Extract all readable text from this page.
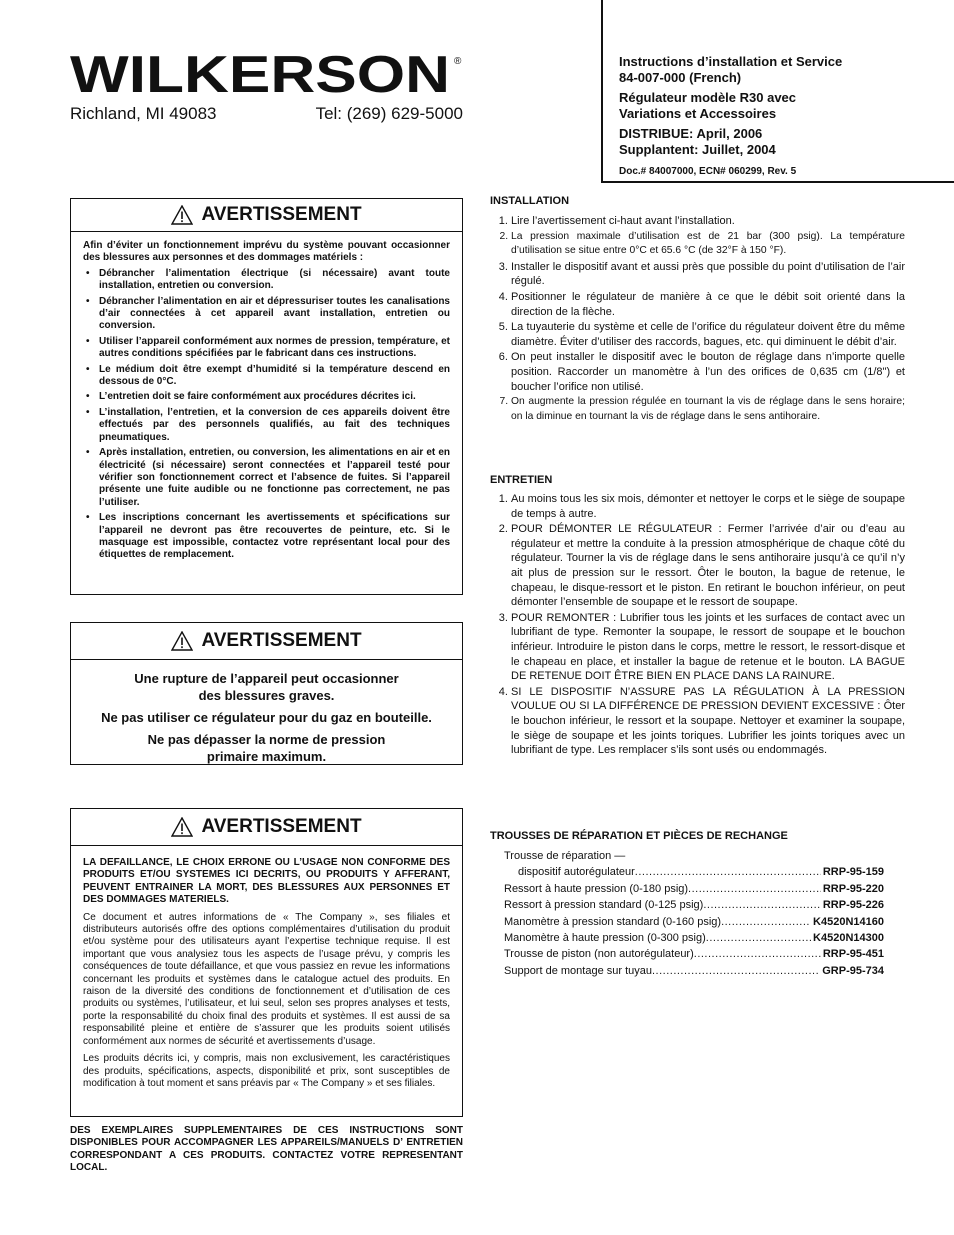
WILKERSON ®
Richland, MI 49083	Tel: (269) 629-5000

Instructions d’installation et Service

84-007-000 (French)

Régulateur modèle R30 avec

Variations et Accessoires

DISTRIBUE: April, 2006

Supplantent: Juillet, 2004

Doc.# 84007000, ECN# 060299, Rev. 5

AVERTISSEMENT

Afin d’éviter un fonctionnement imprévu du système pouvant occasionner des blessures aux personnes et des dommages matériels :

• Débrancher l’alimentation électrique (si nécessaire) avant toute installation, entretien ou conversion.
• Débrancher l’alimentation en air et dépressuriser toutes les canalisations d’air connectées à cet appareil avant installation, entretien ou conversion.
• Utiliser l’appareil conformément aux normes de pression, température, et autres conditions spécifiées par le fabricant dans ces instructions.
• Le médium doit être exempt d’humidité si la température descend en dessous de 0°C.
• L’entretien doit se faire conformément aux procédures décrites ici.
• L’installation, l’entretien, et la conversion de ces appareils doivent être effectués par des personnels qualifiés, au fait des techniques pneumatiques.
• Après installation, entretien, ou conversion, les alimentations en air et en électricité (si nécessaire) seront connectées et l’appareil testé pour vérifier son fonctionnement correct et l’absence de fuites. Si l’appareil présente une fuite audible ou ne fonctionne pas correctement, ne pas l’utiliser.
• Les inscriptions concernant les avertissements et spécifications sur l’appareil ne devront pas être recouvertes de peinture, etc. Si le masquage est impossible, contactez votre représentant local pour des étiquettes de remplacement.
AVERTISSEMENT

Une rupture de l’appareil peut occasionner
des blessures graves.

Ne pas utiliser ce régulateur pour du gaz en bouteille.

Ne pas dépasser la norme de pression
primaire maximum.

AVERTISSEMENT

LA DEFAILLANCE, LE CHOIX ERRONE OU L’USAGE NON CONFORME DES PRODUITS ET/OU SYSTEMES ICI DECRITS, OU PRODUITS Y AFFERANT, PEUVENT ENTRAINER LA MORT, DES BLESSURES AUX PERSONNES ET DES DOMMAGES MATERIELS.

Ce document et autres informations de « The Company », ses filiales et distributeurs autorisés offre des options complémentaires d’utilisation du produit et/ou système pour des utilisateurs ayant l’expertise technique requise. Il est important que vous analysiez tous les aspects de l’usage prévu, y compris les conséquences de toute défaillance, et que vous passiez en revue les informations concernant les produits et systèmes dans le catalogue actuel des produits. En raison de la diversité des conditions de fonctionnement et d’utilisation de ces produits ou systèmes, l’utilisateur, et lui seul, selon ses propres analyses et tests, porte la responsabilité du choix final des produits et systèmes. Il est aussi de sa responsabilité pleine et entière de s’assurer que les produits soient utilisés conformément aux normes de sécurité et avertissements d’usage.

Les produits décrits ici, y compris, mais non exclusivement, les caractéristiques des produits, spécifications, aspects, disponibilité et prix, sont susceptibles de modification à tout moment et sans préavis par « The Company » et ses filiales.

DES EXEMPLAIRES SUPPLEMENTAIRES DE CES INSTRUCTIONS SONT DISPONIBLES POUR ACCOMPAGNER LES APPAREILS/MANUELS D’ ENTRETIEN CORRESPONDANT A CES PRODUITS. CONTACTEZ VOTRE REPRESENTANT LOCAL.
INSTALLATION
1. Lire l’avertissement ci-haut avant l’installation.
2. La pression maximale d’utilisation est de 21 bar (300 psig). La température d’utilisation se situe entre 0°C et 65.6 °C (de 32°F à 150 °F).
3. Installer le dispositif avant et aussi près que possible du point d’utilisation de l’air régulé.
4. Positionner le régulateur de manière à ce que le débit soit orienté dans la direction de la flèche.
5. La tuyauterie du système et celle de l’orifice du régulateur doivent être du même diamètre. Éviter d’utiliser des raccords, bagues, etc. qui diminuent le débit d’air.
6. On peut installer le dispositif avec le bouton de réglage dans n’importe quelle position. Raccorder un manomètre à l’un des orifices de 0,635 cm (1/8") et boucher l’orifice non utilisé.
7. On augmente la pression régulée en tournant la vis de réglage dans le sens horaire; on la diminue en tournant la vis de réglage dans le sens antihoraire.
ENTRETIEN
1. Au moins tous les six mois, démonter et nettoyer le corps et le siège de soupape de temps à autre.
2. POUR DÉMONTER LE RÉGULATEUR : Fermer l’arrivée d’air ou d’eau au régulateur et mettre la conduite à la pression atmosphérique de chaque côté du régulateur. Tourner la vis de réglage dans le sens antihoraire jusqu’à ce qu’il n’y ait plus de pression sur le ressort. Ôter le bouton, la bague de retenue, le chapeau, le disque-ressort et le piston. En retirant le bouchon inférieur, on peut démonter l’ensemble de soupape et le ressort de soupape.
3. POUR REMONTER : Lubrifier tous les joints et les surfaces de contact avec un lubrifiant de type. Remonter la soupape, le ressort de soupape et le bouchon inférieur. Introduire le piston dans le corps, mettre le ressort, le ressort-disque et le chapeau en place, et installer la bague de retenue et le bouton. LA BAGUE DE RETENUE DOIT ÊTRE BIEN EN PLACE DANS LA RAINURE.
4. SI LE DISPOSITIF N’ASSURE PAS LA RÉGULATION À LA PRESSION VOULUE OU SI LA DIFFÉRENCE DE PRESSION DEVIENT EXCESSIVE : Ôter le bouchon inférieur, le ressort et la soupape. Nettoyer et examiner la soupape, le siège de soupape et les joints toriques. Lubrifier les joints toriques avec un lubrifiant de type. Les remplacer s’ils sont usés ou endommagés.
TROUSSES DE RÉPARATION ET PIÈCES DE RECHANGE
Trousse de réparation —
dispositif autorégulateur .....	RRP-95-159
Ressort à haute pression (0-180 psig) .....	RRP-95-220
Ressort à pression standard (0-125 psig) .....	RRP-95-226
Manomètre à pression standard (0-160 psig) .....	K4520N14160
Manomètre à haute pression (0-300 psig) .....	K4520N14300
Trousse de piston (non autorégulateur) .....	RRP-95-451
Support de montage sur tuyau .....	GRP-95-734
